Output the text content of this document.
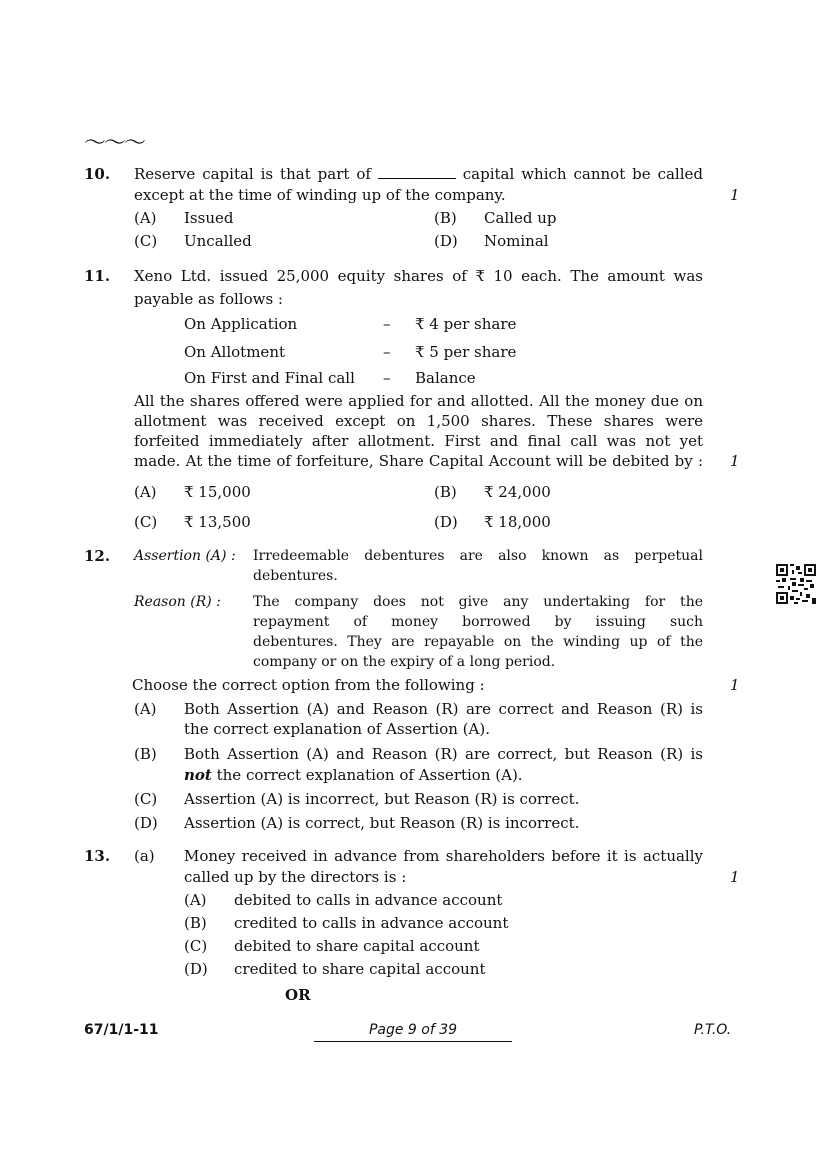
〜〜〜
10. Reserve capital is that part of	capital which cannot be called
except at the time of winding up of the company.	1
(A) Issued	(B) Called up
(C) Uncalled	(D) Nominal
11. Xeno Ltd. issued 25,000 equity shares of ₹ 10 each. The amount was
payable as follows :
On Application	– ₹ 4 per share
On Allotment	– ₹ 5 per share
On First and Final call – Balance
All the shares offered were applied for and allotted. All the money due on
allotment was received except on 1,500 shares. These shares were
forfeited immediately after allotment. First and final call was not yet
made. At the time of forfeiture, Share Capital Account will be debited by : 1
(A) ₹ 15,000	(B) ₹ 24,000
(C) ₹ 13,500	(D) ₹ 18,000
12. Assertion (A) : Irredeemable debentures are also known as perpetual
debentures.
Reason (R) : The company does not give any undertaking for the
repayment of money borrowed by issuing such
debentures. They are repayable on the winding up of the
company or on the expiry of a long period.
Choose the correct option from the following :	1
(A) Both Assertion (A) and Reason (R) are correct and Reason (R) is
the correct explanation of Assertion (A).
(B) Both Assertion (A) and Reason (R) are correct, but Reason (R) is
not the correct explanation of Assertion (A).
(C) Assertion (A) is incorrect, but Reason (R) is correct.
(D) Assertion (A) is correct, but Reason (R) is incorrect.
13. (a) Money received in advance from shareholders before it is actually
called up by the directors is :	1
(A) debited to calls in advance account
(B) credited to calls in advance account
(C) debited to share capital account
(D) credited to share capital account
OR
67/1/1-11	Page 9 of 39	P.T.O.
